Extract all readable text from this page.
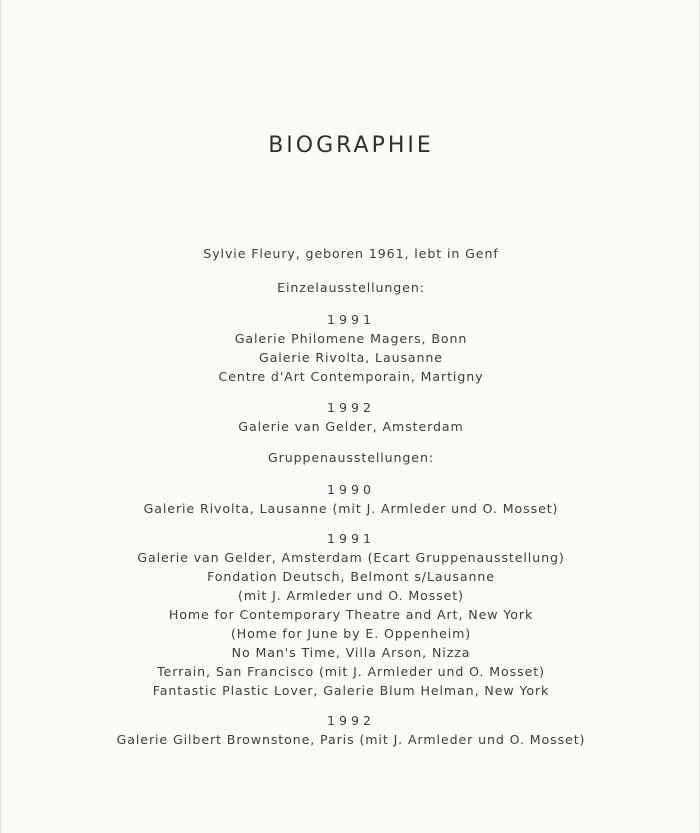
BIOGRAPHIE
Sylvie Fleury, geboren 1961, lebt in Genf
Einzelausstellungen:
1991
Galerie Philomene Magers, Bonn
Galerie Rivolta, Lausanne
Centre d'Art Contemporain, Martigny
1992
Galerie van Gelder, Amsterdam
Gruppenausstellungen:
1990
Galerie Rivolta, Lausanne (mit J. Armleder und O. Mosset)
1991
Galerie van Gelder, Amsterdam (Ecart Gruppenausstellung)
Fondation Deutsch, Belmont s/Lausanne
(mit J. Armleder und O. Mosset)
Home for Contemporary Theatre and Art, New York
(Home for June by E. Oppenheim)
No Man's Time, Villa Arson, Nizza
Terrain, San Francisco (mit J. Armleder und O. Mosset)
Fantastic Plastic Lover, Galerie Blum Helman, New York
1992
Galerie Gilbert Brownstone, Paris (mit J. Armleder und O. Mosset)
